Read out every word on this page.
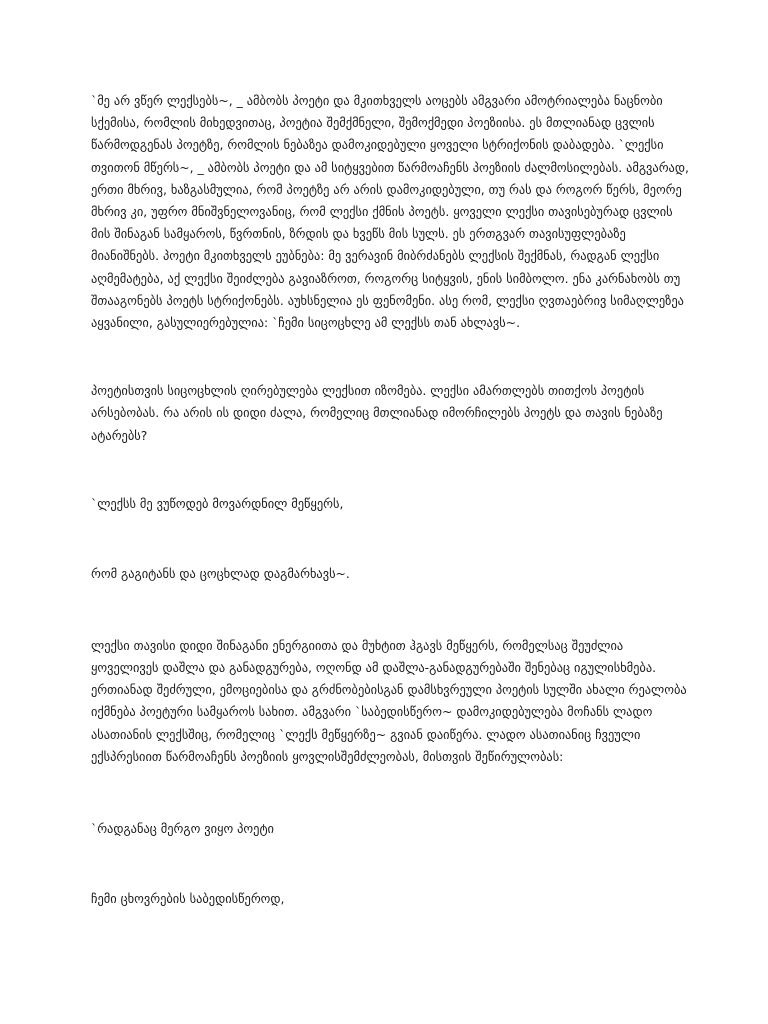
`მე არ ვწერ ლექსებს~, _ ამბობს პოეტი და მკითხველს აოცებს ამგვარი ამოტრიალება ნაცნობი სქემისა, რომლის მიხედვითაც, პოეტია შემქმნელი, შემოქმედი პოეზიისა. ეს მთლიანად ცვლის წარმოდგენას პოეტზე, რომლის ნებაზეა დამოკიდებული ყოველი სტრიქონის დაბადება. `ლექსი თვითონ მწერს~, _ ამბობს პოეტი და ამ სიტყვებით წარმოაჩენს პოეზიის ძალმოსილებას. ამგვარად, ერთი მხრივ, ხაზგასმულია, რომ პოეტზე არ არის დამოკიდებული, თუ რას და როგორ წერს, მეორე მხრივ კი, უფრო მნიშვნელოვანიც, რომ ლექსი ქმნის პოეტს. ყოველი ლექსი თავისებურად ცვლის მის შინაგან სამყაროს, წვრთნის, ზრდის და ხვეწს მის სულს. ეს ერთგვარ თავისუფლებაზე მიანიშნებს. პოეტი მკითხველს ეუბნება: მე ვერავინ მიბრძანებს ლექსის შექმნას, რადგან ლექსი აღმემატება, აქ ლექსი შეიძლება გავიაზროთ, როგორც სიტყვის, ენის სიმბოლო. ენა კარნახობს თუ შთააგონებს პოეტს სტრიქონებს. აუხსნელია ეს ფენომენი. ასე რომ, ლექსი ღვთაებრივ სიმაღლეზეა აყვანილი, გასულიერებულია: `ჩემი სიცოცხლე ამ ლექსს თან ახლავს~.

პოეტისთვის სიცოცხლის ღირებულება ლექსით იზომება. ლექსი ამართლებს თითქოს პოეტის არსებობას. რა არის ის დიდი ძალა, რომელიც მთლიანად იმორჩილებს პოეტს და თავის ნებაზე ატარებს?

`ლექსს მე ვუწოდებ მოვარდნილ მეწყერს,

რომ გაგიტანს და ცოცხლად დაგმარხავს~.

ლექსი თავისი დიდი შინაგანი ენერგიითა და მუხტით ჰგავს მეწყერს, რომელსაც შეუძლია ყოველივეს დაშლა და განადგურება, ოღონდ ამ დაშლა-განადგურებაში შენებაც იგულისხმება. ერთიანად შეძრული, ემოციებისა და გრძნობებისგან დამსხვრეული პოეტის სულში ახალი რეალობა იქმნება პოეტური სამყაროს სახით. ამგვარი `საბედისწერო~ დამოკიდებულება მოჩანს ლადო ასათიანის ლექსშიც, რომელიც `ლექს მეწყერზე~ გვიან დაიწერა. ლადო ასათიანიც ჩვეული ექსპრესიით წარმოაჩენს პოეზიის ყოვლისშემძლეობას, მისთვის შეწირულობას:

`რადგანაც მერგო ვიყო პოეტი

ჩემი ცხოვრების საბედისწეროდ,
